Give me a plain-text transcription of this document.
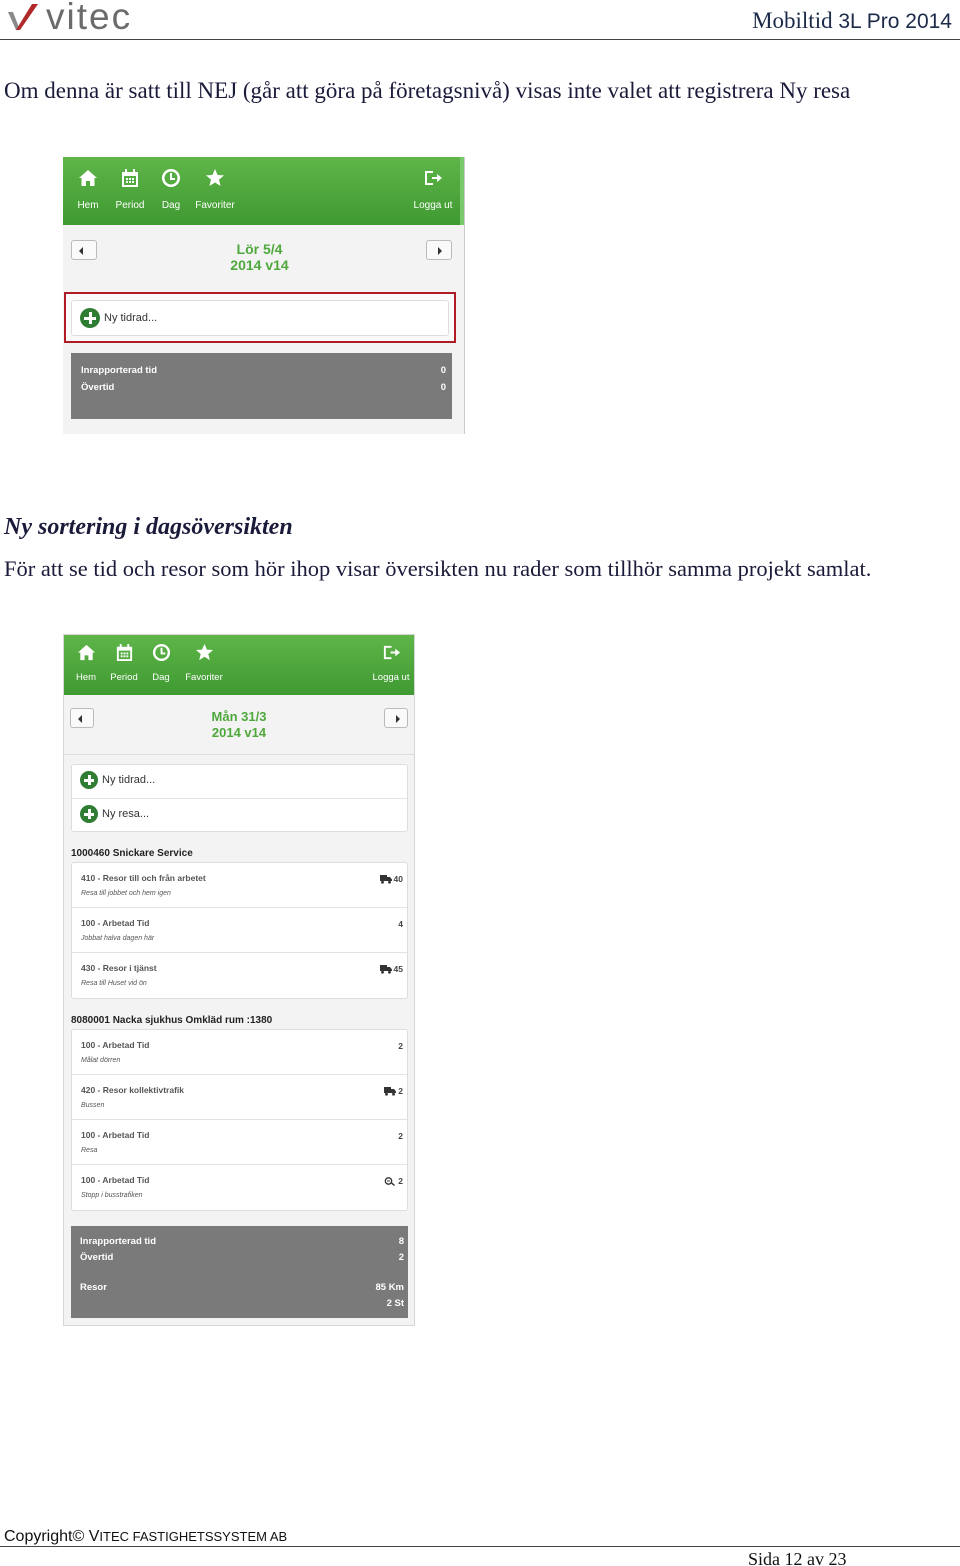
vitec	Mobiltid 3L Pro 2014

Om denna är satt till NEJ (går att göra på företagsnivå) visas inte valet att registrera Ny resa

Hem	Period	Dag	Favoriter	Logga ut
Lör 5/4
2014 v14
Ny tidrad...
Inrapporterad tid	0
Övertid	0
Ny sortering i dagsöversikten

För att se tid och resor som hör ihop visar översikten nu rader som tillhör samma projekt samlat.

Hem	Period	Dag	Favoriter	Logga ut
Mån 31/3
2014 v14
Ny tidrad...
Ny resa...
1000460 Snickare Service
410 - Resor till och från arbetet
Resa till jobbet och hem igen
40
100 - Arbetad Tid
Jobbat halva dagen här
4
430 - Resor i tjänst
Resa till Huset vid ön
45
8080001 Nacka sjukhus Omkläd rum :1380
100 - Arbetad Tid
Målat dörren
2
420 - Resor kollektivtrafik
Bussen
2
100 - Arbetad Tid
Resa
2
100 - Arbetad Tid
Stopp i busstrafiken
2
Inrapporterad tid	8
Övertid	2
Resor	85 Km
2 St
Copyright© VITEC FASTIGHETSSYSTEM AB
Sida 12 av 23
